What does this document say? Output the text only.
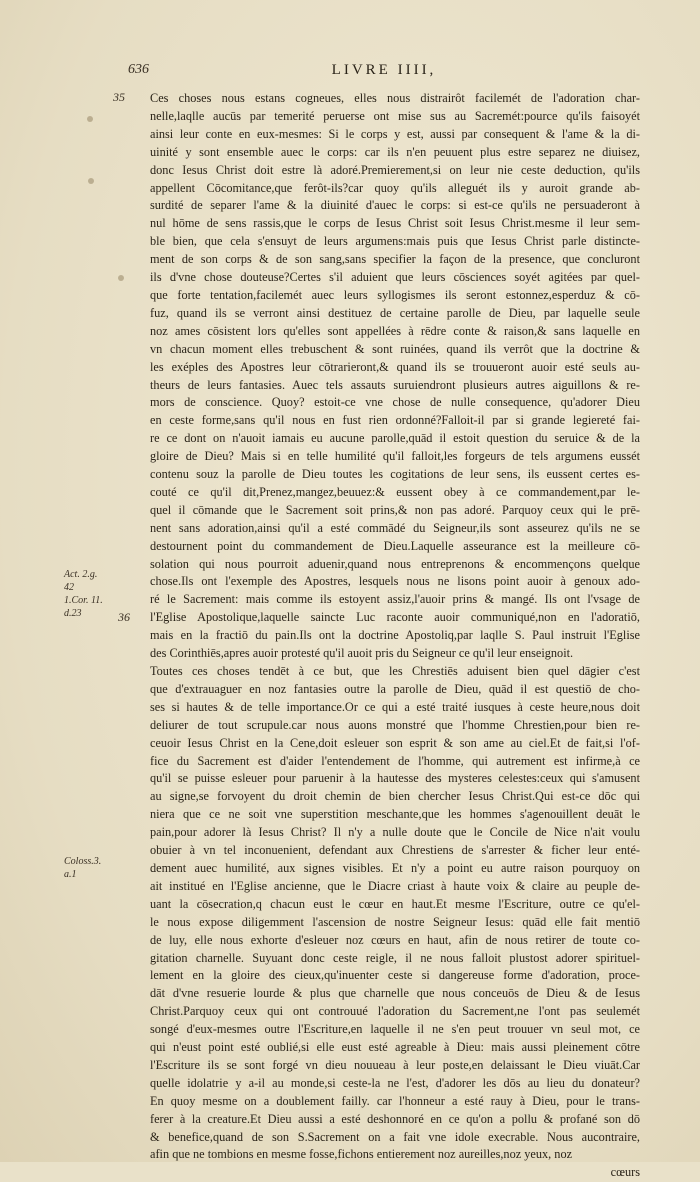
636	LIVRE IIII,
35
36
Act. 2.g.
42
1.Cor. 11.
d.23
Coloss.3.
a.1

Ces choses nous estans cogneues, elles nous distrairôt facilemét de l'adoration char-
nelle,laqlle aucūs par temerité peruerse ont mise sus au Sacremét:pource qu'ils faisoyét
ainsi leur conte en eux-mesmes: Si le corps y est, aussi par consequent & l'ame & la di-
uinité y sont ensemble auec le corps: car ils n'en peuuent plus estre separez ne diuisez,
donc Iesus Christ doit estre là adoré.Premierement,si on leur nie ceste deduction, qu'ils
appellent Cōcomitance,que ferôt-ils?car quoy qu'ils alleguét ils y auroit grande ab-
surdité de separer l'ame & la diuinité d'auec le corps: si est-ce qu'ils ne persuaderont à
nul hōme de sens rassis,que le corps de Iesus Christ soit Iesus Christ.mesme il leur sem-
ble bien, que cela s'ensuyt de leurs argumens:mais puis que Iesus Christ parle distincte-
ment de son corps & de son sang,sans specifier la façon de la presence, que concluront
ils d'vne chose douteuse?Certes s'il aduient que leurs cōsciences soyét agitées par quel-
que forte tentation,facilemét auec leurs syllogismes ils seront estonnez,esperduz & cō-
fuz, quand ils se verront ainsi destituez de certaine parolle de Dieu, par laquelle seule
noz ames cōsistent lors qu'elles sont appellées à rēdre conte & raison,& sans laquelle en
vn chacun moment elles trebuschent & sont ruinées, quand ils verrôt que la doctrine &
les exéples des Apostres leur cōtrarieront,& quand ils se trouueront auoir esté seuls au-
theurs de leurs fantasies. Auec tels assauts suruiendront plusieurs autres aiguillons & re-
mors de conscience. Quoy? estoit-ce vne chose de nulle consequence, qu'adorer Dieu
en ceste forme,sans qu'il nous en fust rien ordonné?Falloit-il par si grande legiereté fai-
re ce dont on n'auoit iamais eu aucune parolle,quād il estoit question du seruice & de la
gloire de Dieu? Mais si en telle humilité qu'il falloit,les forgeurs de tels argumens eussét
contenu souz la parolle de Dieu toutes les cogitations de leur sens, ils eussent certes es-
couté ce qu'il dit,Prenez,mangez,beuuez:& eussent obey à ce commandement,par le-
quel il cōmande que le Sacrement soit prins,& non pas adoré. Parquoy ceux qui le prē-
nent sans adoration,ainsi qu'il a esté commādé du Seigneur,ils sont asseurez qu'ils ne se
destournent point du commandement de Dieu.Laquelle asseurance est la meilleure cō-
solation qui nous pourroit aduenir,quand nous entreprenons & encommençons quelque
chose.Ils ont l'exemple des Apostres, lesquels nous ne lisons point auoir à genoux ado-
ré le Sacrement: mais comme ils estoyent assiz,l'auoir prins & mangé. Ils ont l'vsage de
l'Eglise Apostolique,laquelle saincte Luc raconte auoir communiqué,non en l'adoratiō,
mais en la fractiō du pain.Ils ont la doctrine Apostoliq,par laqlle S. Paul instruit l'Eglise
des Corinthiēs,apres auoir protesté qu'il auoit pris du Seigneur ce qu'il leur enseignoit.

Toutes ces choses tendēt à ce but, que les Chrestiēs aduisent bien quel dāgier c'est
que d'extrauaguer en noz fantasies outre la parolle de Dieu, quād il est questiō de cho-
ses si hautes & de telle importance.Or ce qui a esté traité iusques à ceste heure,nous doit
deliurer de tout scrupule.car nous auons monstré que l'homme Chrestien,pour bien re-
ceuoir Iesus Christ en la Cene,doit esleuer son esprit & son ame au ciel.Et de fait,si l'of-
fice du Sacrement est d'aider l'entendement de l'homme, qui autrement est infirme,à ce
qu'il se puisse esleuer pour paruenir à la hautesse des mysteres celestes:ceux qui s'amusent
au signe,se forvoyent du droit chemin de bien chercher Iesus Christ.Qui est-ce dōc qui
niera que ce ne soit vne superstition meschante,que les hommes s'agenouillent deuāt le
pain,pour adorer là Iesus Christ? Il n'y a nulle doute que le Concile de Nice n'ait voulu
obuier à vn tel inconuenient, defendant aux Chrestiens de s'arrester & ficher leur enté-
dement auec humilité, aux signes visibles. Et n'y a point eu autre raison pourquoy on
ait institué en l'Eglise ancienne, que le Diacre criast à haute voix & claire au peuple de-
uant la cōsecration,q chacun eust le cœur en haut.Et mesme l'Escriture, outre ce qu'el-
le nous expose diligemment l'ascension de nostre Seigneur Iesus: quād elle fait mentiō
de luy, elle nous exhorte d'esleuer noz cœurs en haut, afin de nous retirer de toute co-
gitation charnelle. Suyuant donc ceste reigle, il ne nous falloit plustost adorer spirituel-
lement en la gloire des cieux,qu'inuenter ceste si dangereuse forme d'adoration, proce-
dāt d'vne resuerie lourde & plus que charnelle que nous conceuōs de Dieu & de Iesus
Christ.Parquoy ceux qui ont controuué l'adoration du Sacrement,ne l'ont pas seulemét
songé d'eux-mesmes outre l'Escriture,en laquelle il ne s'en peut trouuer vn seul mot, ce
qui n'eust point esté oublié,si elle eust esté agreable à Dieu: mais aussi pleinement cōtre
l'Escriture ils se sont forgé vn dieu nouueau à leur poste,en delaissant le Dieu viuāt.Car
quelle idolatrie y a-il au monde,si ceste-la ne l'est, d'adorer les dōs au lieu du donateur?
En quoy mesme on a doublement failly. car l'honneur a esté rauy à Dieu, pour le trans-
ferer à la creature.Et Dieu aussi a esté deshonnoré en ce qu'on a pollu & profané son dō
& benefice,quand de son S.Sacrement on a fait vne idole execrable. Nous aucontraire,
afin que ne tombions en mesme fosse,fichons entierement noz aureilles,noz yeux, noz

cœurs
